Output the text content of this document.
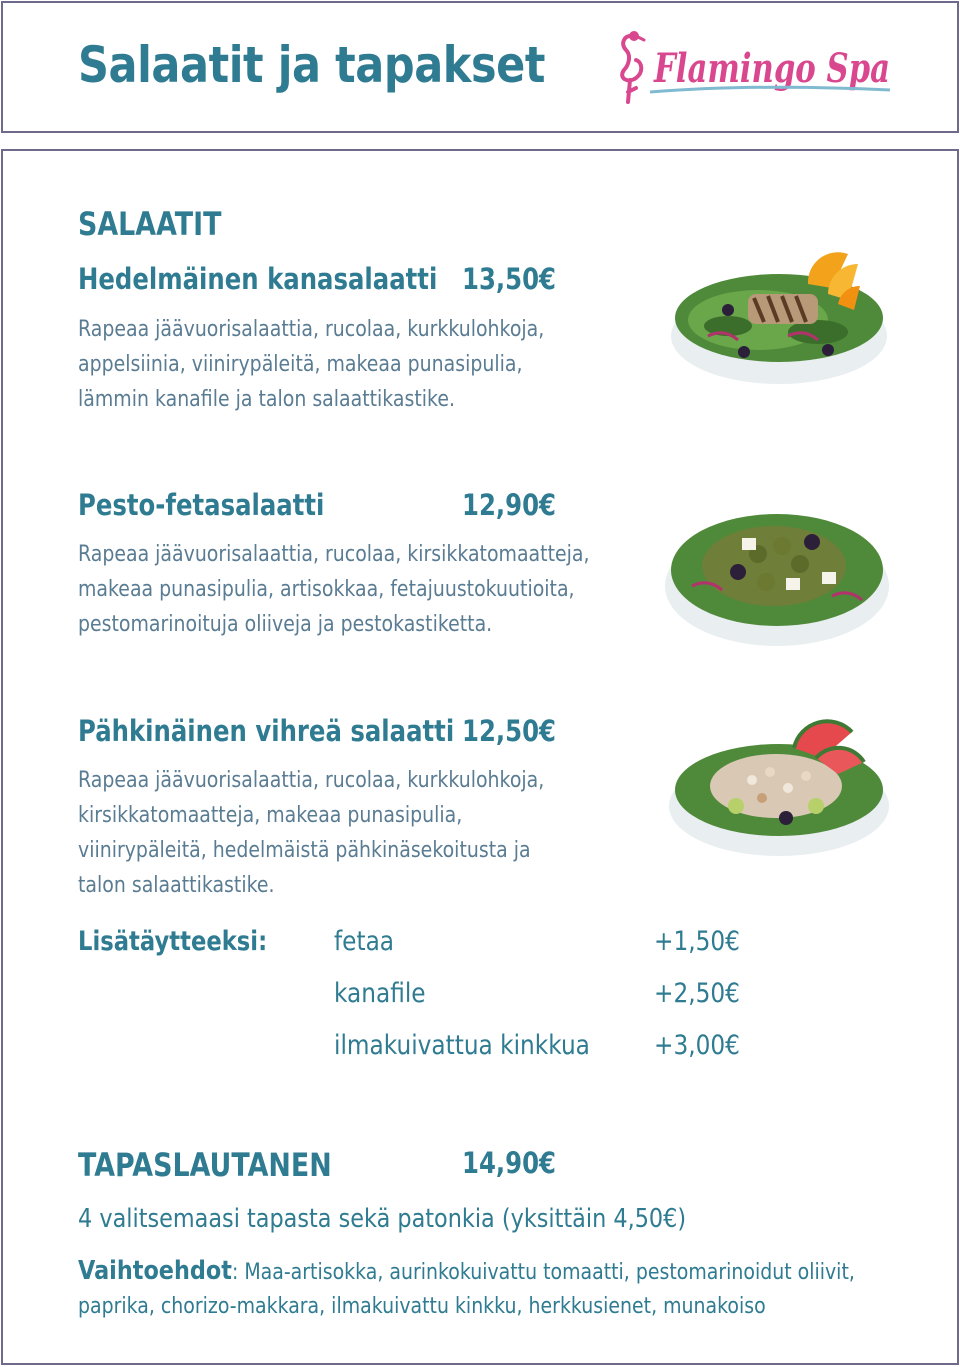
Salaatit ja tapakset	Flamingo Spa
SALAATIT
Hedelmäinen kanasalaatti 13,50€
Rapeaa jäävuorisalaattia, rucolaa, kurkkulohkoja,
appelsiinia, viinirypäleitä, makeaa punasipulia,
lämmin kanafile ja talon salaattikastike.
Pesto-fetasalaatti	12,90€
Rapeaa jäävuorisalaattia, rucolaa, kirsikkatomaatteja,
makeaa punasipulia, artisokkaa, fetajuustokuutioita,
pestomarinoituja oliiveja ja pestokastiketta.
Pähkinäinen vihreä salaatti 12,50€
Rapeaa jäävuorisalaattia, rucolaa, kurkkulohkoja,
kirsikkatomaatteja, makeaa punasipulia,
viinirypäleitä, hedelmäistä pähkinäsekoitusta ja
talon salaattikastike.
Lisätäytteeksi: fetaa	+1,50€
kanafile	+2,50€
ilmakuivattua kinkkua +3,00€
TAPASLAUTANEN	14,90€
4 valitsemaasi tapasta sekä patonkia (yksittäin 4,50€)
Vaihtoehdot: Maa-artisokka, aurinkokuivattu tomaatti, pestomarinoidut oliivit,
paprika, chorizo-makkara, ilmakuivattu kinkku, herkkusienet, munakoiso
